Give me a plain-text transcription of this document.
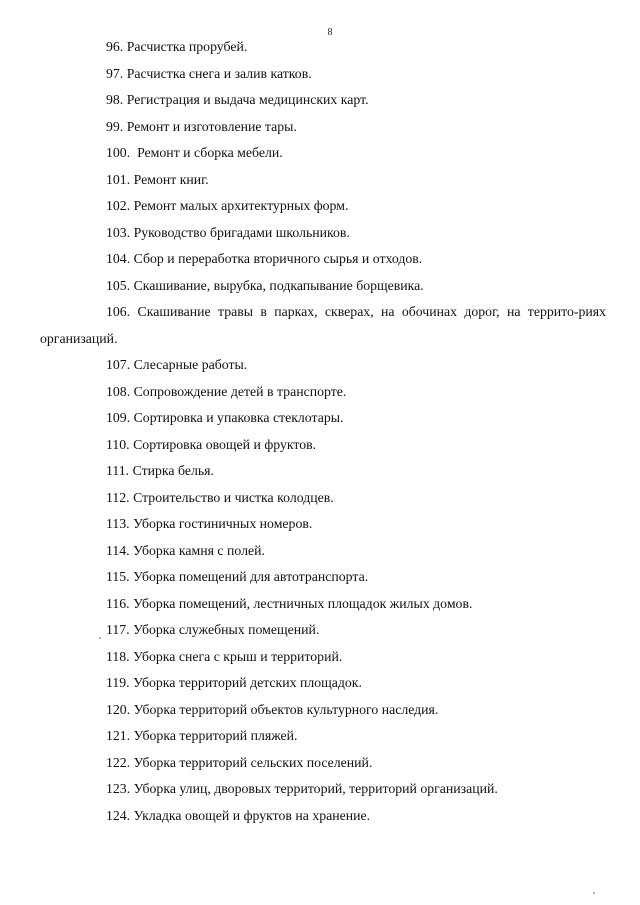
8
96. Расчистка прорубей.
97. Расчистка снега и залив катков.
98. Регистрация и выдача медицинских карт.
99. Ремонт и изготовление тары.
100. Ремонт и сборка мебели.
101. Ремонт книг.
102. Ремонт малых архитектурных форм.
103. Руководство бригадами школьников.
104. Сбор и переработка вторичного сырья и отходов.
105. Скашивание, вырубка, подкапывание борщевика.
106. Скашивание травы в парках, скверах, на обочинах дорог, на террито-риях организаций.
107. Слесарные работы.
108. Сопровождение детей в транспорте.
109. Сортировка и упаковка стеклотары.
110. Сортировка овощей и фруктов.
111. Стирка белья.
112. Строительство и чистка колодцев.
113. Уборка гостиничных номеров.
114. Уборка камня с полей.
115. Уборка помещений для автотранспорта.
116. Уборка помещений, лестничных площадок жилых домов.
117. Уборка служебных помещений.
118. Уборка снега с крыш и территорий.
119. Уборка территорий детских площадок.
120. Уборка территорий объектов культурного наследия.
121. Уборка территорий пляжей.
122. Уборка территорий сельских поселений.
123. Уборка улиц, дворовых территорий, территорий организаций.
124. Укладка овощей и фруктов на хранение.
